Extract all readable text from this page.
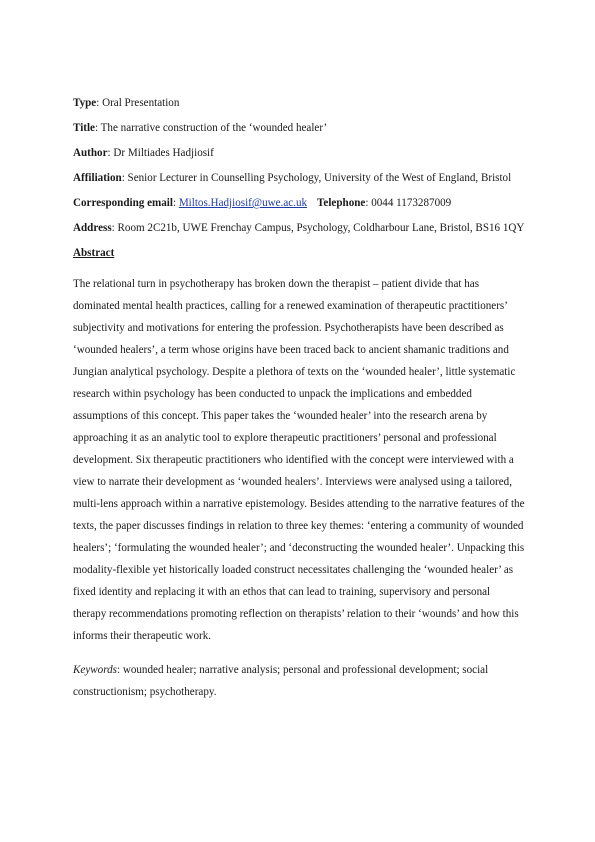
Type: Oral Presentation

Title: The narrative construction of the ‘wounded healer’

Author: Dr Miltiades Hadjiosif

Affiliation: Senior Lecturer in Counselling Psychology, University of the West of England, Bristol

Corresponding email: Miltos.Hadjiosif@uwe.ac.uk Telephone: 0044 1173287009

Address: Room 2C21b, UWE Frenchay Campus, Psychology, Coldharbour Lane, Bristol, BS16 1QY

Abstract

The relational turn in psychotherapy has broken down the therapist – patient divide that has dominated mental health practices, calling for a renewed examination of therapeutic practitioners’ subjectivity and motivations for entering the profession. Psychotherapists have been described as ‘wounded healers’, a term whose origins have been traced back to ancient shamanic traditions and Jungian analytical psychology. Despite a plethora of texts on the ‘wounded healer’, little systematic research within psychology has been conducted to unpack the implications and embedded assumptions of this concept. This paper takes the ‘wounded healer’ into the research arena by approaching it as an analytic tool to explore therapeutic practitioners’ personal and professional development. Six therapeutic practitioners who identified with the concept were interviewed with a view to narrate their development as ‘wounded healers’. Interviews were analysed using a tailored, multi-lens approach within a narrative epistemology. Besides attending to the narrative features of the texts, the paper discusses findings in relation to three key themes: ‘entering a community of wounded healers’; ‘formulating the wounded healer’; and ‘deconstructing the wounded healer’. Unpacking this modality-flexible yet historically loaded construct necessitates challenging the ‘wounded healer’ as fixed identity and replacing it with an ethos that can lead to training, supervisory and personal therapy recommendations promoting reflection on therapists’ relation to their ‘wounds’ and how this informs their therapeutic work.

Keywords: wounded healer; narrative analysis; personal and professional development; social constructionism; psychotherapy.
